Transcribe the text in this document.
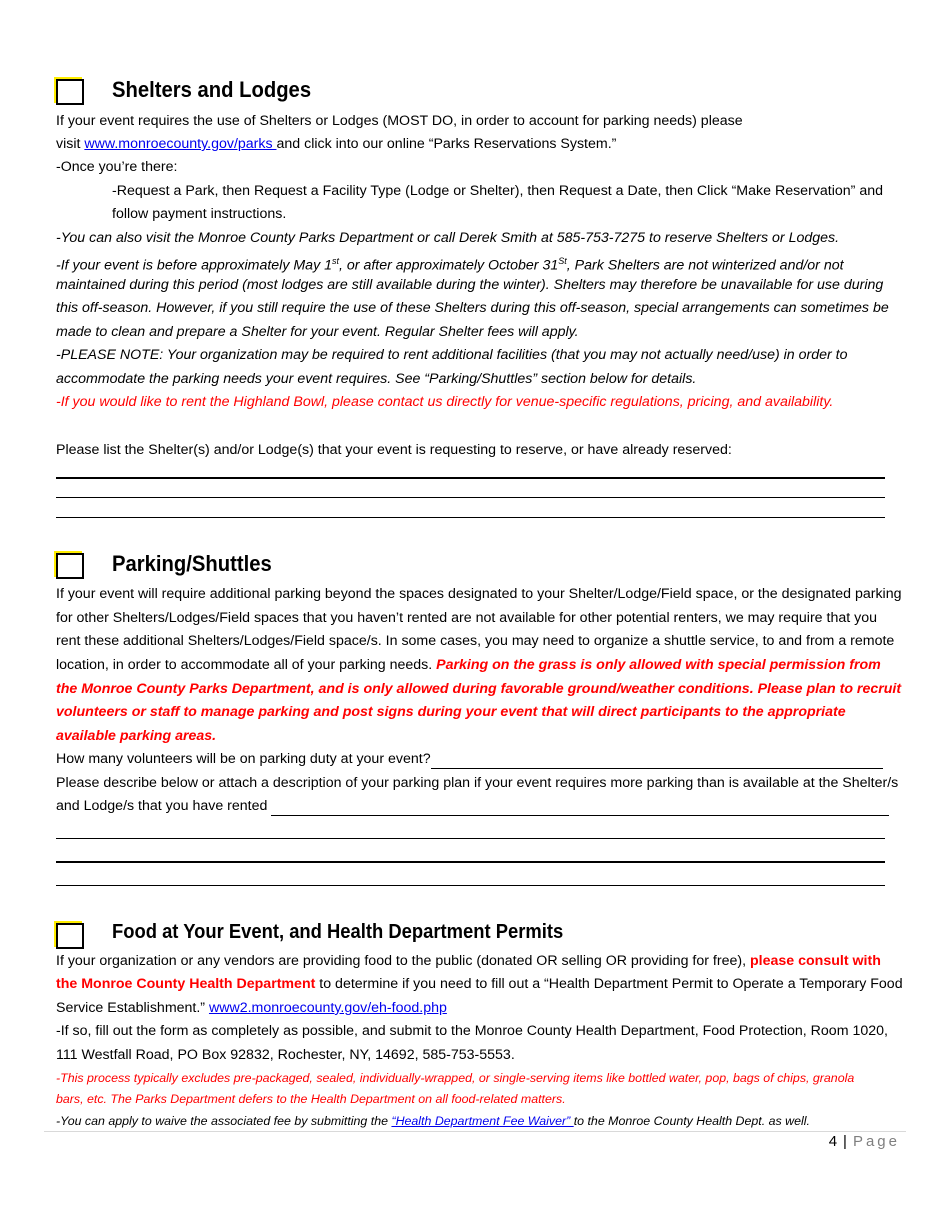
Shelters and Lodges
If your event requires the use of Shelters or Lodges (MOST DO, in order to account for parking needs) please
visit www.monroecounty.gov/parks and click into our online “Parks Reservations System.”
-Once you’re there:
-Request a Park, then Request a Facility Type (Lodge or Shelter), then Request a Date, then Click “Make Reservation” and
follow payment instructions.
-You can also visit the Monroe County Parks Department or call Derek Smith at 585-753-7275 to reserve Shelters or Lodges.
-If your event is before approximately May 1st, or after approximately October 31St, Park Shelters are not winterized and/or not
maintained during this period (most lodges are still available during the winter). Shelters may therefore be unavailable for use during
this off-season. However, if you still require the use of these Shelters during this off-season, special arrangements can sometimes be
made to clean and prepare a Shelter for your event. Regular Shelter fees will apply.
-PLEASE NOTE: Your organization may be required to rent additional facilities (that you may not actually need/use) in order to
accommodate the parking needs your event requires. See “Parking/Shuttles” section below for details.
-If you would like to rent the Highland Bowl, please contact us directly for venue-specific regulations, pricing, and availability.
Please list the Shelter(s) and/or Lodge(s) that your event is requesting to reserve, or have already reserved:
Parking/Shuttles
If your event will require additional parking beyond the spaces designated to your Shelter/Lodge/Field space, or the designated parking
for other Shelters/Lodges/Field spaces that you haven’t rented are not available for other potential renters, we may require that you
rent these additional Shelters/Lodges/Field space/s. In some cases, you may need to organize a shuttle service, to and from a remote
location, in order to accommodate all of your parking needs. Parking on the grass is only allowed with special permission from
the Monroe County Parks Department, and is only allowed during favorable ground/weather conditions. Please plan to recruit
volunteers or staff to manage parking and post signs during your event that will direct participants to the appropriate
available parking areas.
How many volunteers will be on parking duty at your event?
Please describe below or attach a description of your parking plan if your event requires more parking than is available at the Shelter/s
and Lodge/s that you have rented
Food at Your Event, and Health Department Permits
If your organization or any vendors are providing food to the public (donated OR selling OR providing for free), please consult with
the Monroe County Health Department to determine if you need to fill out a “Health Department Permit to Operate a Temporary Food
Service Establishment.” www2.monroecounty.gov/eh-food.php
-If so, fill out the form as completely as possible, and submit to the Monroe County Health Department, Food Protection, Room 1020,
111 Westfall Road, PO Box 92832, Rochester, NY, 14692, 585-753-5553.
-This process typically excludes pre-packaged, sealed, individually-wrapped, or single-serving items like bottled water, pop, bags of chips, granola
bars, etc. The Parks Department defers to the Health Department on all food-related matters.
-You can apply to waive the associated fee by submitting the “Health Department Fee Waiver” to the Monroe County Health Dept. as well.
4 | Page
